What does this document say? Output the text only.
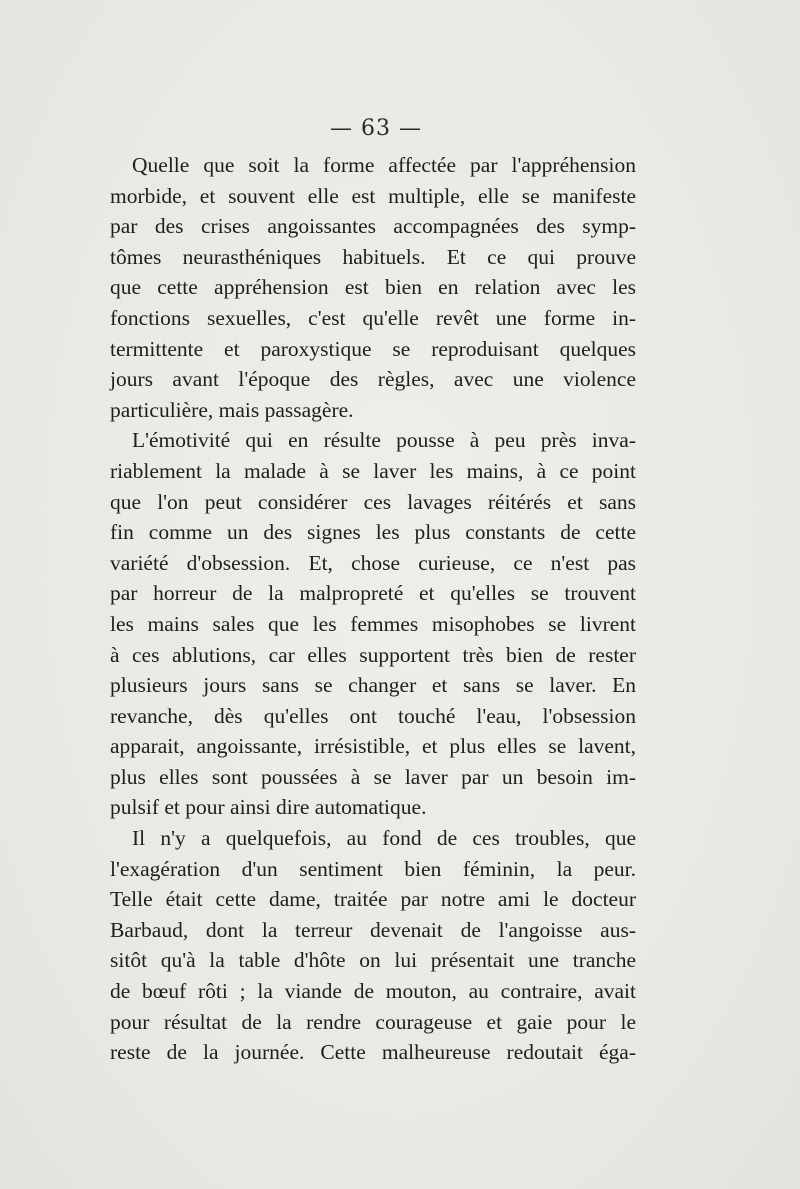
— 63 —
Quelle que soit la forme affectée par l'appréhension
morbide, et souvent elle est multiple, elle se manifeste
par des crises angoissantes accompagnées des symp-
tômes neurasthéniques habituels. Et ce qui prouve
que cette appréhension est bien en relation avec les
fonctions sexuelles, c'est qu'elle revêt une forme in-
termittente et paroxystique se reproduisant quelques
jours avant l'époque des règles, avec une violence
particulière, mais passagère.
L'émotivité qui en résulte pousse à peu près inva-
riablement la malade à se laver les mains, à ce point
que l'on peut considérer ces lavages réitérés et sans
fin comme un des signes les plus constants de cette
variété d'obsession. Et, chose curieuse, ce n'est pas
par horreur de la malpropreté et qu'elles se trouvent
les mains sales que les femmes misophobes se livrent
à ces ablutions, car elles supportent très bien de rester
plusieurs jours sans se changer et sans se laver. En
revanche, dès qu'elles ont touché l'eau, l'obsession
apparait, angoissante, irrésistible, et plus elles se lavent,
plus elles sont poussées à se laver par un besoin im-
pulsif et pour ainsi dire automatique.
Il n'y a quelquefois, au fond de ces troubles, que
l'exagération d'un sentiment bien féminin, la peur.
Telle était cette dame, traitée par notre ami le docteur
Barbaud, dont la terreur devenait de l'angoisse aus-
sitôt qu'à la table d'hôte on lui présentait une tranche
de bœuf rôti ; la viande de mouton, au contraire, avait
pour résultat de la rendre courageuse et gaie pour le
reste de la journée. Cette malheureuse redoutait éga-
